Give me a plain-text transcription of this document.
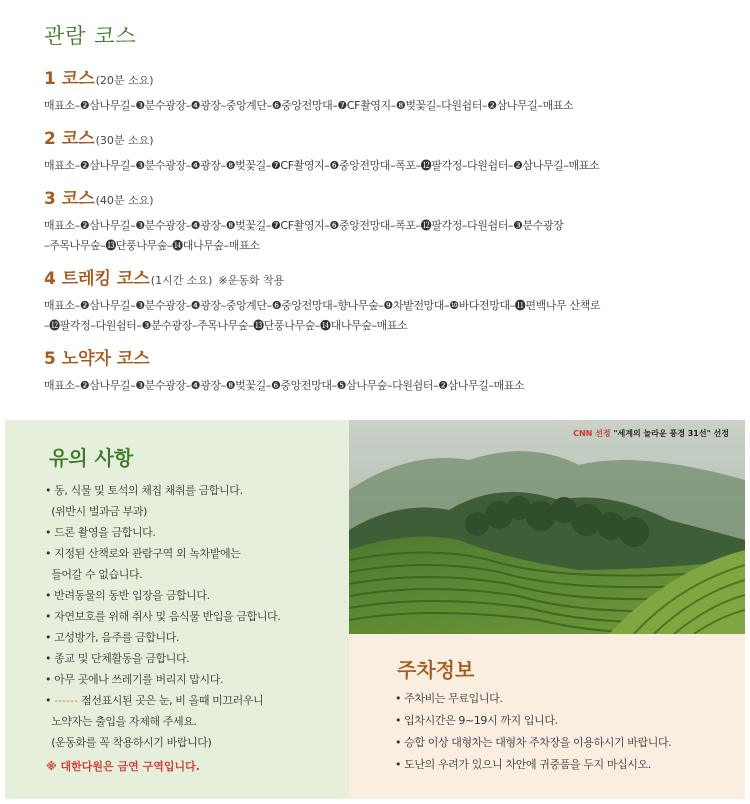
관람 코스
1 코스 (20분 소요)
매표소–❷삼나무길–❸분수광장–❹광장–중앙계단–❻중앙전망대–❼CF촬영지–❽벚꽃길–다원쉼터–❷삼나무길–매표소
2 코스 (30분 소요)
매표소–❷삼나무길–❸분수광장–❹광장–❽벚꽃길–❼CF촬영지–❻중앙전망대–폭포–⓬팔각정–다원쉼터–❷삼나무길–매표소
3 코스 (40분 소요)
매표소–❷삼나무길–❸분수광장–❹광장–❽벚꽃길–❼CF촬영지–❻중앙전망대–폭포–⓬팔각정–다원쉼터–❸분수광장
–주목나무숲–⓭단풍나무숲–⓮대나무숲–매표소
4 트레킹 코스 (1시간 소요) ※운동화 착용
매표소–❷삼나무길–❸분수광장–❹광장–중앙계단–❻중앙전망대–향나무숲–❾차밭전망대–❿바다전망대–⓫편백나무 산책로
–⓬팔각정–다원쉼터–❸분수광장–주목나무숲–⓭단풍나무숲–⓮대나무숲–매표소
5 노약자 코스
매표소–❷삼나무길–❸분수광장–❹광장–❽벚꽃길–❻중앙전망대–❺삼나무숲–다원쉼터–❷삼나무길–매표소
유의 사항
• 동, 식물 및 토석의 채집 채취를 금합니다.
(위반시 벌과금 부과)
• 드론 촬영을 금합니다.
• 지정된 산책로와 관람구역 외 녹차밭에는
들어갈 수 없습니다.
• 반려동물의 동반 입장을 금합니다.
• 자연보호를 위해 취사 및 음식물 반입을 금합니다.
• 고성방가, 음주를 금합니다.
• 종교 및 단체활동을 금합니다.
• 아무 곳에나 쓰레기를 버리지 맙시다.
• ------ 점선표시된 곳은 눈, 비 올때 미끄러우니
노약자는 출입을 자제해 주세요.
(운동화를 꼭 착용하시기 바랍니다)
※ 대한다원은 금연 구역입니다.
CNN 선정 "세계의 놀라운 풍경 31선" 선정
주차정보
• 주차비는 무료입니다.
• 입차시간은 9~19시 까지 입니다.
• 승합 이상 대형차는 대형차 주차장을 이용하시기 바랍니다.
• 도난의 우려가 있으니 차안에 귀중품을 두지 마십시오.
